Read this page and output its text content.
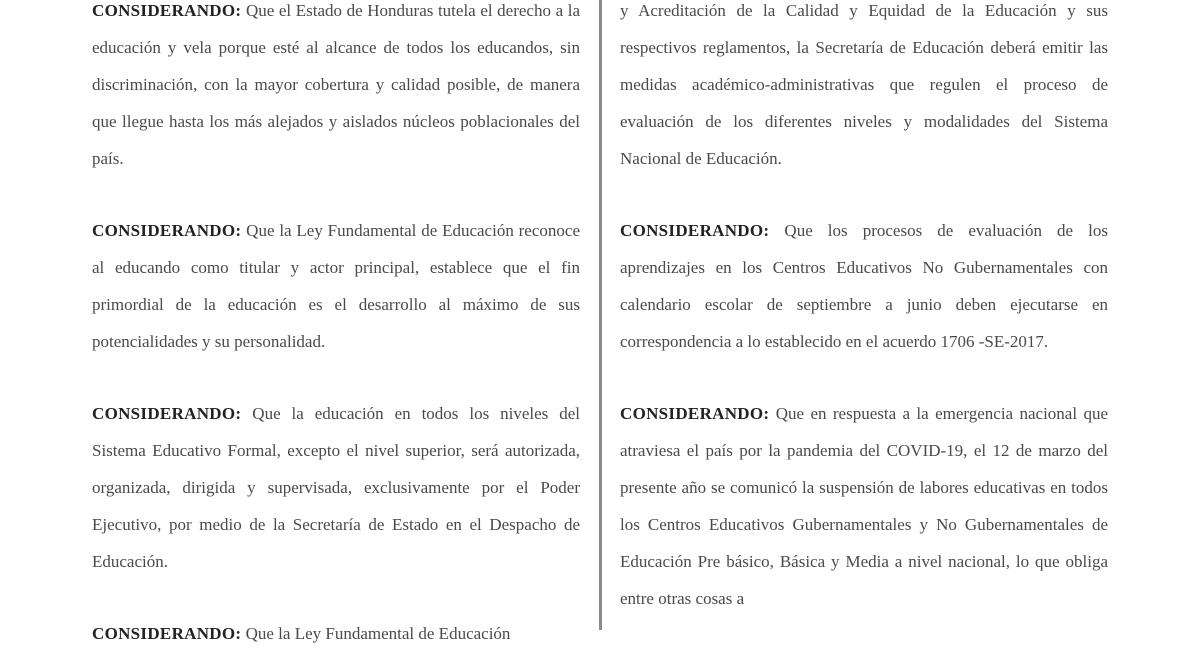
CONSIDERANDO: Que el Estado de Honduras tutela el derecho a la educación y vela porque esté al alcance de todos los educandos, sin discriminación, con la mayor cobertura y calidad posible, de manera que llegue hasta los más alejados y aislados núcleos poblacionales del país.

CONSIDERANDO: Que la Ley Fundamental de Educación reconoce al educando como titular y actor principal, establece que el fin primordial de la educación es el desarrollo al máximo de sus potencialidades y su personalidad.

CONSIDERANDO: Que la educación en todos los niveles del Sistema Educativo Formal, excepto el nivel superior, será autorizada, organizada, dirigida y supervisada, exclusivamente por el Poder Ejecutivo, por medio de la Secretaría de Estado en el Despacho de Educación.

CONSIDERANDO: Que la Ley Fundamental de Educación

y Acreditación de la Calidad y Equidad de la Educación y sus respectivos reglamentos, la Secretaría de Educación deberá emitir las medidas académico-administrativas que regulen el proceso de evaluación de los diferentes niveles y modalidades del Sistema Nacional de Educación.

CONSIDERANDO: Que los procesos de evaluación de los aprendizajes en los Centros Educativos No Gubernamentales con calendario escolar de septiembre a junio deben ejecutarse en correspondencia a lo establecido en el acuerdo 1706 -SE-2017.

CONSIDERANDO: Que en respuesta a la emergencia nacional que atraviesa el país por la pandemia del COVID-19, el 12 de marzo del presente año se comunicó la suspensión de labores educativas en todos los Centros Educativos Gubernamentales y No Gubernamentales de Educación Pre básico, Básica y Media a nivel nacional, lo que obliga entre otras cosas a
